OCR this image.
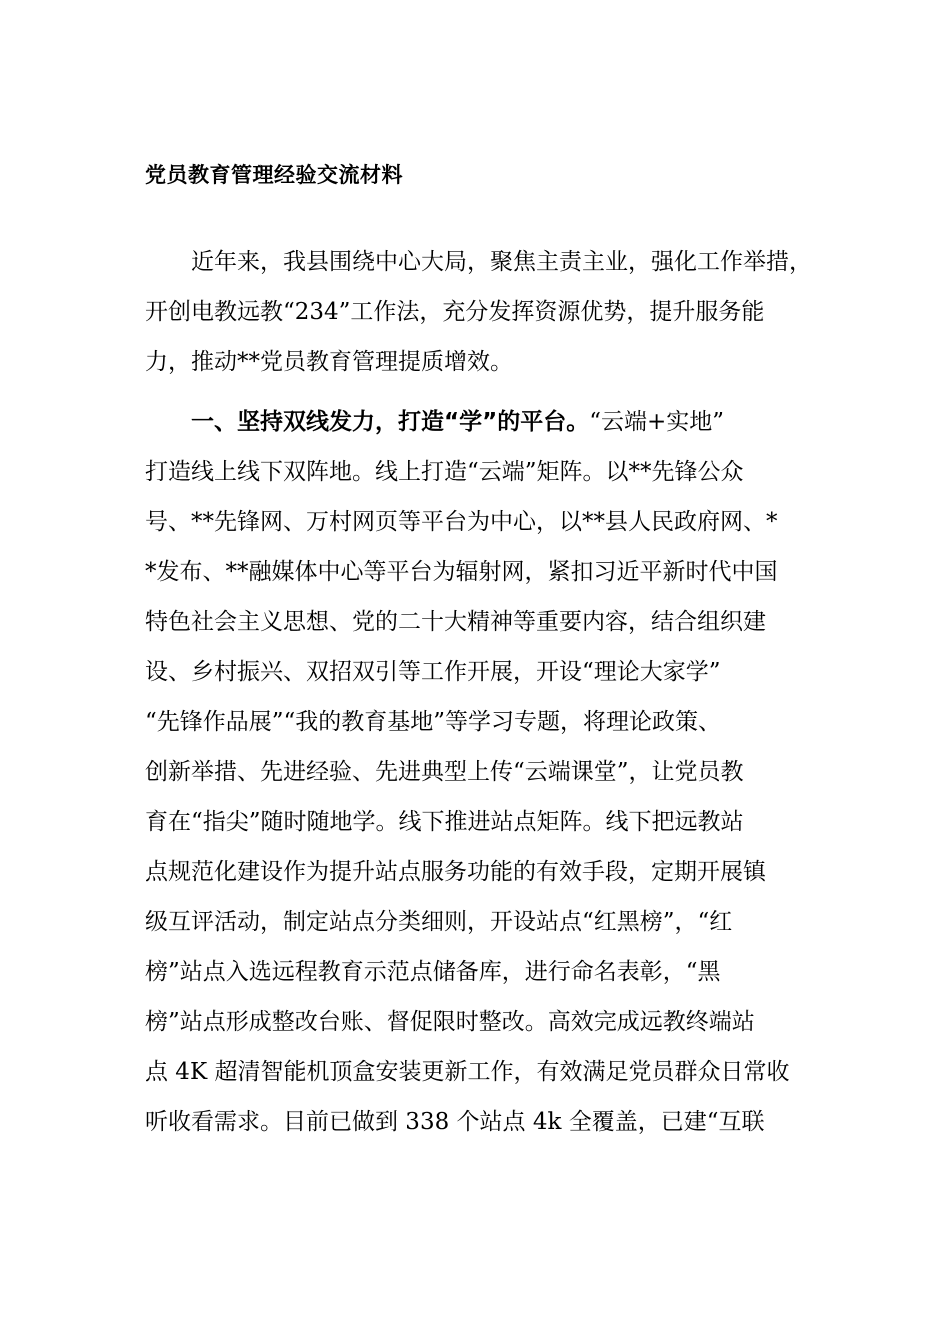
党员教育管理经验交流材料
　　近年来，我县围绕中心大局，聚焦主责主业，强化工作举措，
开创电教远教“234”工作法，充分发挥资源优势，提升服务能
力，推动**党员教育管理提质增效。
　　一、坚持双线发力，打造“学”的平台。“云端+实地”
打造线上线下双阵地。线上打造“云端”矩阵。以**先锋公众
号、**先锋网、万村网页等平台为中心，以**县人民政府网、*
*发布、**融媒体中心等平台为辐射网，紧扣习近平新时代中国
特色社会主义思想、党的二十大精神等重要内容，结合组织建
设、乡村振兴、双招双引等工作开展，开设“理论大家学”
“先锋作品展”“我的教育基地”等学习专题，将理论政策、
创新举措、先进经验、先进典型上传“云端课堂”，让党员教
育在“指尖”随时随地学。线下推进站点矩阵。线下把远教站
点规范化建设作为提升站点服务功能的有效手段，定期开展镇
级互评活动，制定站点分类细则，开设站点“红黑榜”，“红
榜”站点入选远程教育示范点储备库，进行命名表彰，“黑
榜”站点形成整改台账、督促限时整改。高效完成远教终端站
点 4K 超清智能机顶盒安装更新工作，有效满足党员群众日常收
听收看需求。目前已做到 338 个站点 4k 全覆盖，已建“互联
